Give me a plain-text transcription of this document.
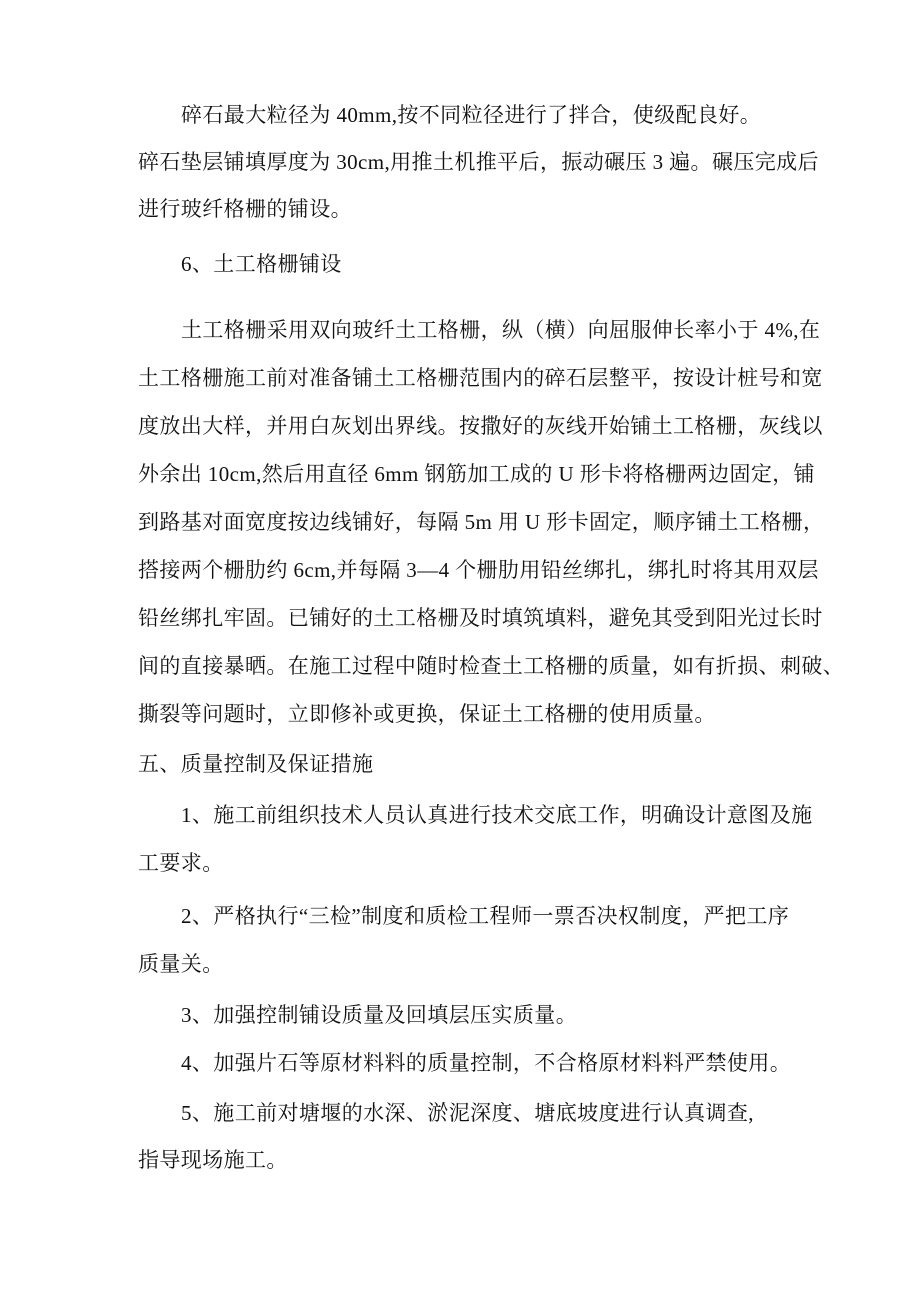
碎石最大粒径为 40mm,按不同粒径进行了拌合，使级配良好。
碎石垫层铺填厚度为 30cm,用推土机推平后，振动碾压 3 遍。碾压完成后
进行玻纤格栅的铺设。
6、土工格栅铺设
土工格栅采用双向玻纤土工格栅，纵（横）向屈服伸长率小于 4%,在
土工格栅施工前对准备铺土工格栅范围内的碎石层整平，按设计桩号和宽
度放出大样，并用白灰划出界线。按撒好的灰线开始铺土工格栅，灰线以
外余出 10cm,然后用直径 6mm 钢筋加工成的 U 形卡将格栅两边固定，铺
到路基对面宽度按边线铺好，每隔 5m 用 U 形卡固定，顺序铺土工格栅，
搭接两个栅肋约 6cm,并每隔 3—4 个栅肋用铅丝绑扎，绑扎时将其用双层
铅丝绑扎牢固。已铺好的土工格栅及时填筑填料，避免其受到阳光过长时
间的直接暴晒。在施工过程中随时检查土工格栅的质量，如有折损、刺破、
撕裂等问题时，立即修补或更换，保证土工格栅的使用质量。
五、质量控制及保证措施
1、施工前组织技术人员认真进行技术交底工作，明确设计意图及施
工要求。
2、严格执行“三检”制度和质检工程师一票否决权制度，严把工序
质量关。
3、加强控制铺设质量及回填层压实质量。
4、加强片石等原材料料的质量控制，不合格原材料料严禁使用。
5、施工前对塘堰的水深、淤泥深度、塘底坡度进行认真调查,
指导现场施工。
